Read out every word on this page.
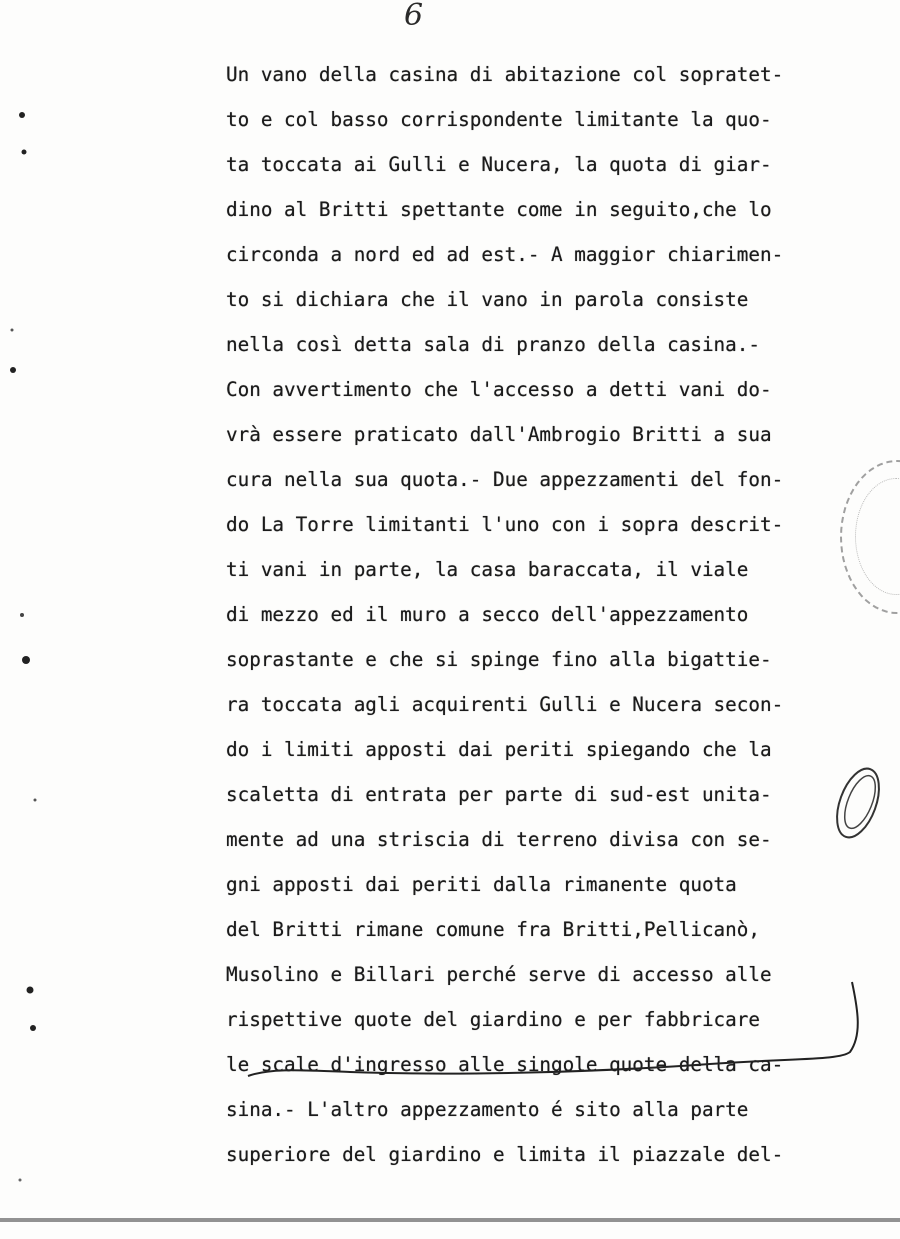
6
Un vano della casina di abitazione col sopratet-
to e col basso corrispondente limitante la quo-
ta toccata ai Gulli e Nucera, la quota di giar-
dino al Britti spettante come in seguito,che lo
circonda a nord ed ad est.- A maggior chiarimen-
to si dichiara che il vano in parola consiste
nella così detta sala di pranzo della casina.-
Con avvertimento che l'accesso a detti vani do-
vrà essere praticato dall'Ambrogio Britti a sua
cura nella sua quota.- Due appezzamenti del fon-
do La Torre limitanti l'uno con i sopra descrit-
ti vani in parte, la casa baraccata, il viale
di mezzo ed il muro a secco dell'appezzamento
soprastante e che si spinge fino alla bigattie-
ra toccata agli acquirenti Gulli e Nucera secon-
do i limiti apposti dai periti spiegando che la
scaletta di entrata per parte di sud-est unita-
mente ad una striscia di terreno divisa con se-
gni apposti dai periti dalla rimanente quota
del Britti rimane comune fra Britti,Pellicanò,
Musolino e Billari perché serve di accesso alle
rispettive quote del giardino e per fabbricare
le scale d'ingresso alle singole quote della ca-
sina.- L'altro appezzamento é sito alla parte
superiore del giardino e limita il piazzale del-
